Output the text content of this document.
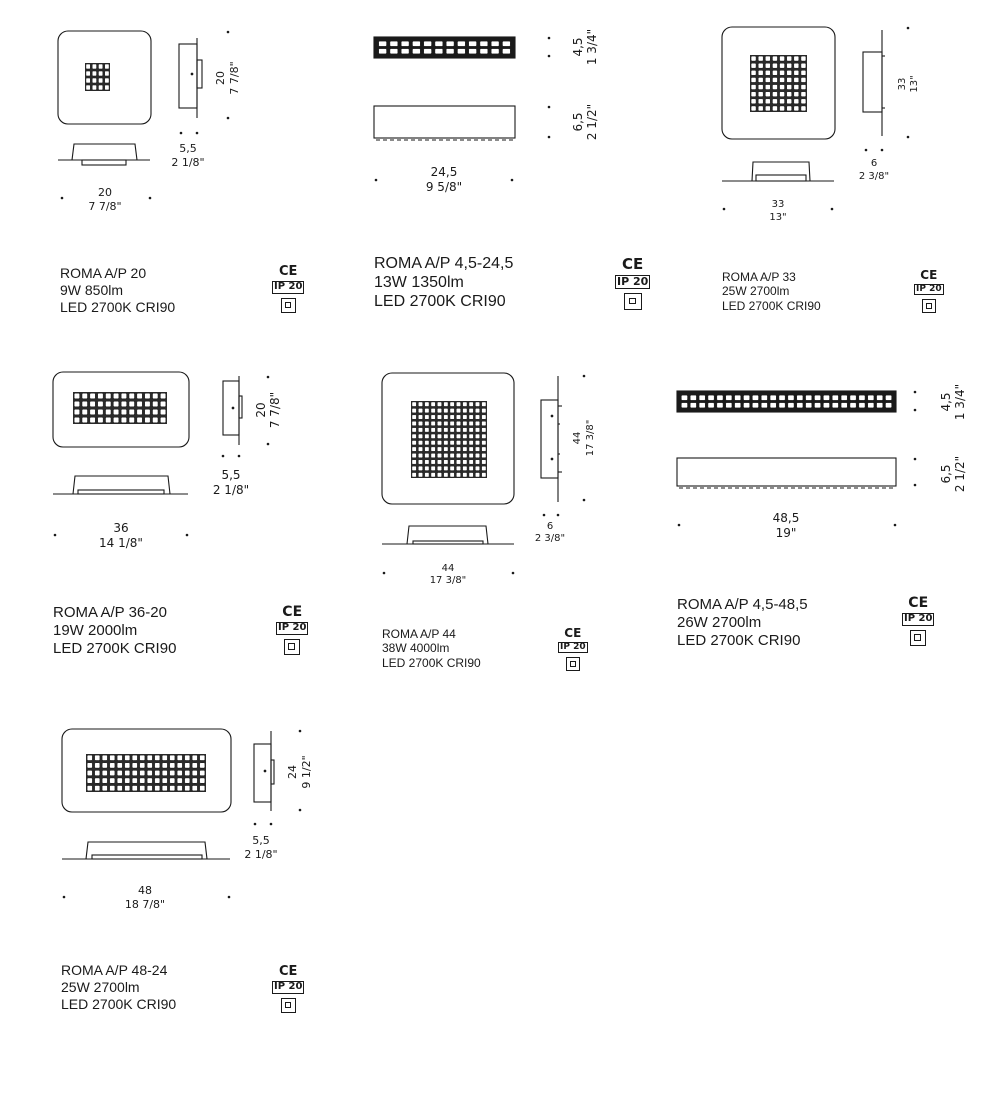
20 7 7/8"
5,5
2 1/8"
20
7 7/8"
ROMA A/P 20
9W 850lm
LED 2700K CRI90
CE
IP 20
4,5 1 3/4"
6,5 2 1/2"
24,5
9 5/8"
ROMA A/P 4,5-24,5
13W 1350lm
LED 2700K CRI90
CE
IP 20
33 13"
6
2 3/8"
33
13"
ROMA A/P 33
25W 2700lm
LED 2700K CRI90
CE
IP 20
20 7 7/8"
5,5
2 1/8"
36
14 1/8"
ROMA A/P 36-20
19W 2000lm
LED 2700K CRI90
CE
IP 20
44 17 3/8"
6
2 3/8"
44
17 3/8"
ROMA A/P 44
38W 4000lm
LED 2700K CRI90
CE
IP 20
4,5 1 3/4"
6,5 2 1/2"
48,5
19"
ROMA A/P 4,5-48,5
26W 2700lm
LED 2700K CRI90
CE
IP 20
24 9 1/2"
5,5
2 1/8"
48
18 7/8"
ROMA A/P 48-24
25W 2700lm
LED 2700K CRI90
CE
IP 20
